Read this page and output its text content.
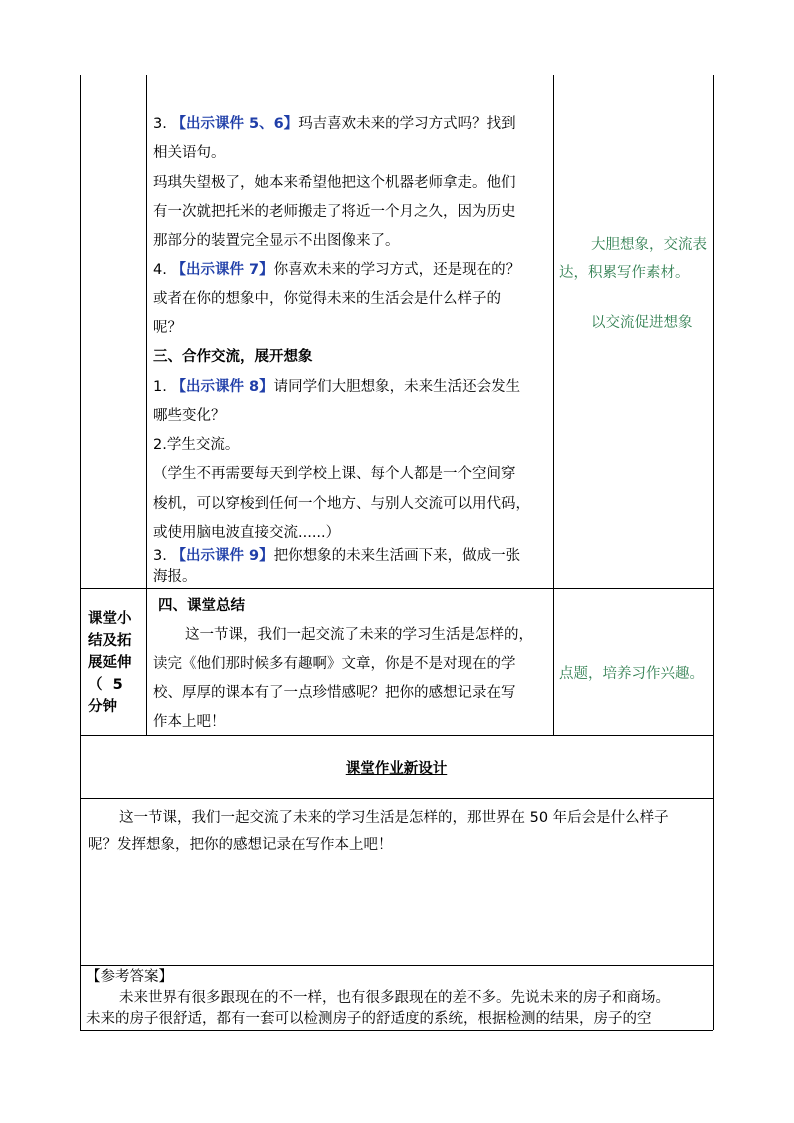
3. 【出示课件 5、6】玛吉喜欢未来的学习方式吗？找到
相关语句。
玛琪失望极了，她本来希望他把这个机器老师拿走。他们
有一次就把托米的老师搬走了将近一个月之久，因为历史
那部分的装置完全显示不出图像来了。
4. 【出示课件 7】你喜欢未来的学习方式，还是现在的？
或者在你的想象中，你觉得未来的生活会是什么样子的
呢？
三、合作交流，展开想象
1. 【出示课件 8】请同学们大胆想象，未来生活还会发生
哪些变化？
2.学生交流。
（学生不再需要每天到学校上课、每个人都是一个空间穿
梭机，可以穿梭到任何一个地方、与别人交流可以用代码，
或使用脑电波直接交流......）
3. 【出示课件 9】把你想象的未来生活画下来，做成一张
海报。
大胆想象，交流表
达，积累写作素材。
以交流促进想象
课堂小
结及拓
展延伸
（  5
分钟
四、课堂总结
这一节课，我们一起交流了未来的学习生活是怎样的，
读完《他们那时候多有趣啊》文章，你是不是对现在的学
校、厚厚的课本有了一点珍惜感呢？把你的感想记录在写
作本上吧！
点题，培养习作兴趣。
课堂作业新设计
这一节课，我们一起交流了未来的学习生活是怎样的，那世界在 50 年后会是什么样子
呢？发挥想象，把你的感想记录在写作本上吧！
【参考答案】
未来世界有很多跟现在的不一样，也有很多跟现在的差不多。先说未来的房子和商场。
未来的房子很舒适，都有一套可以检测房子的舒适度的系统，根据检测的结果，房子的空
